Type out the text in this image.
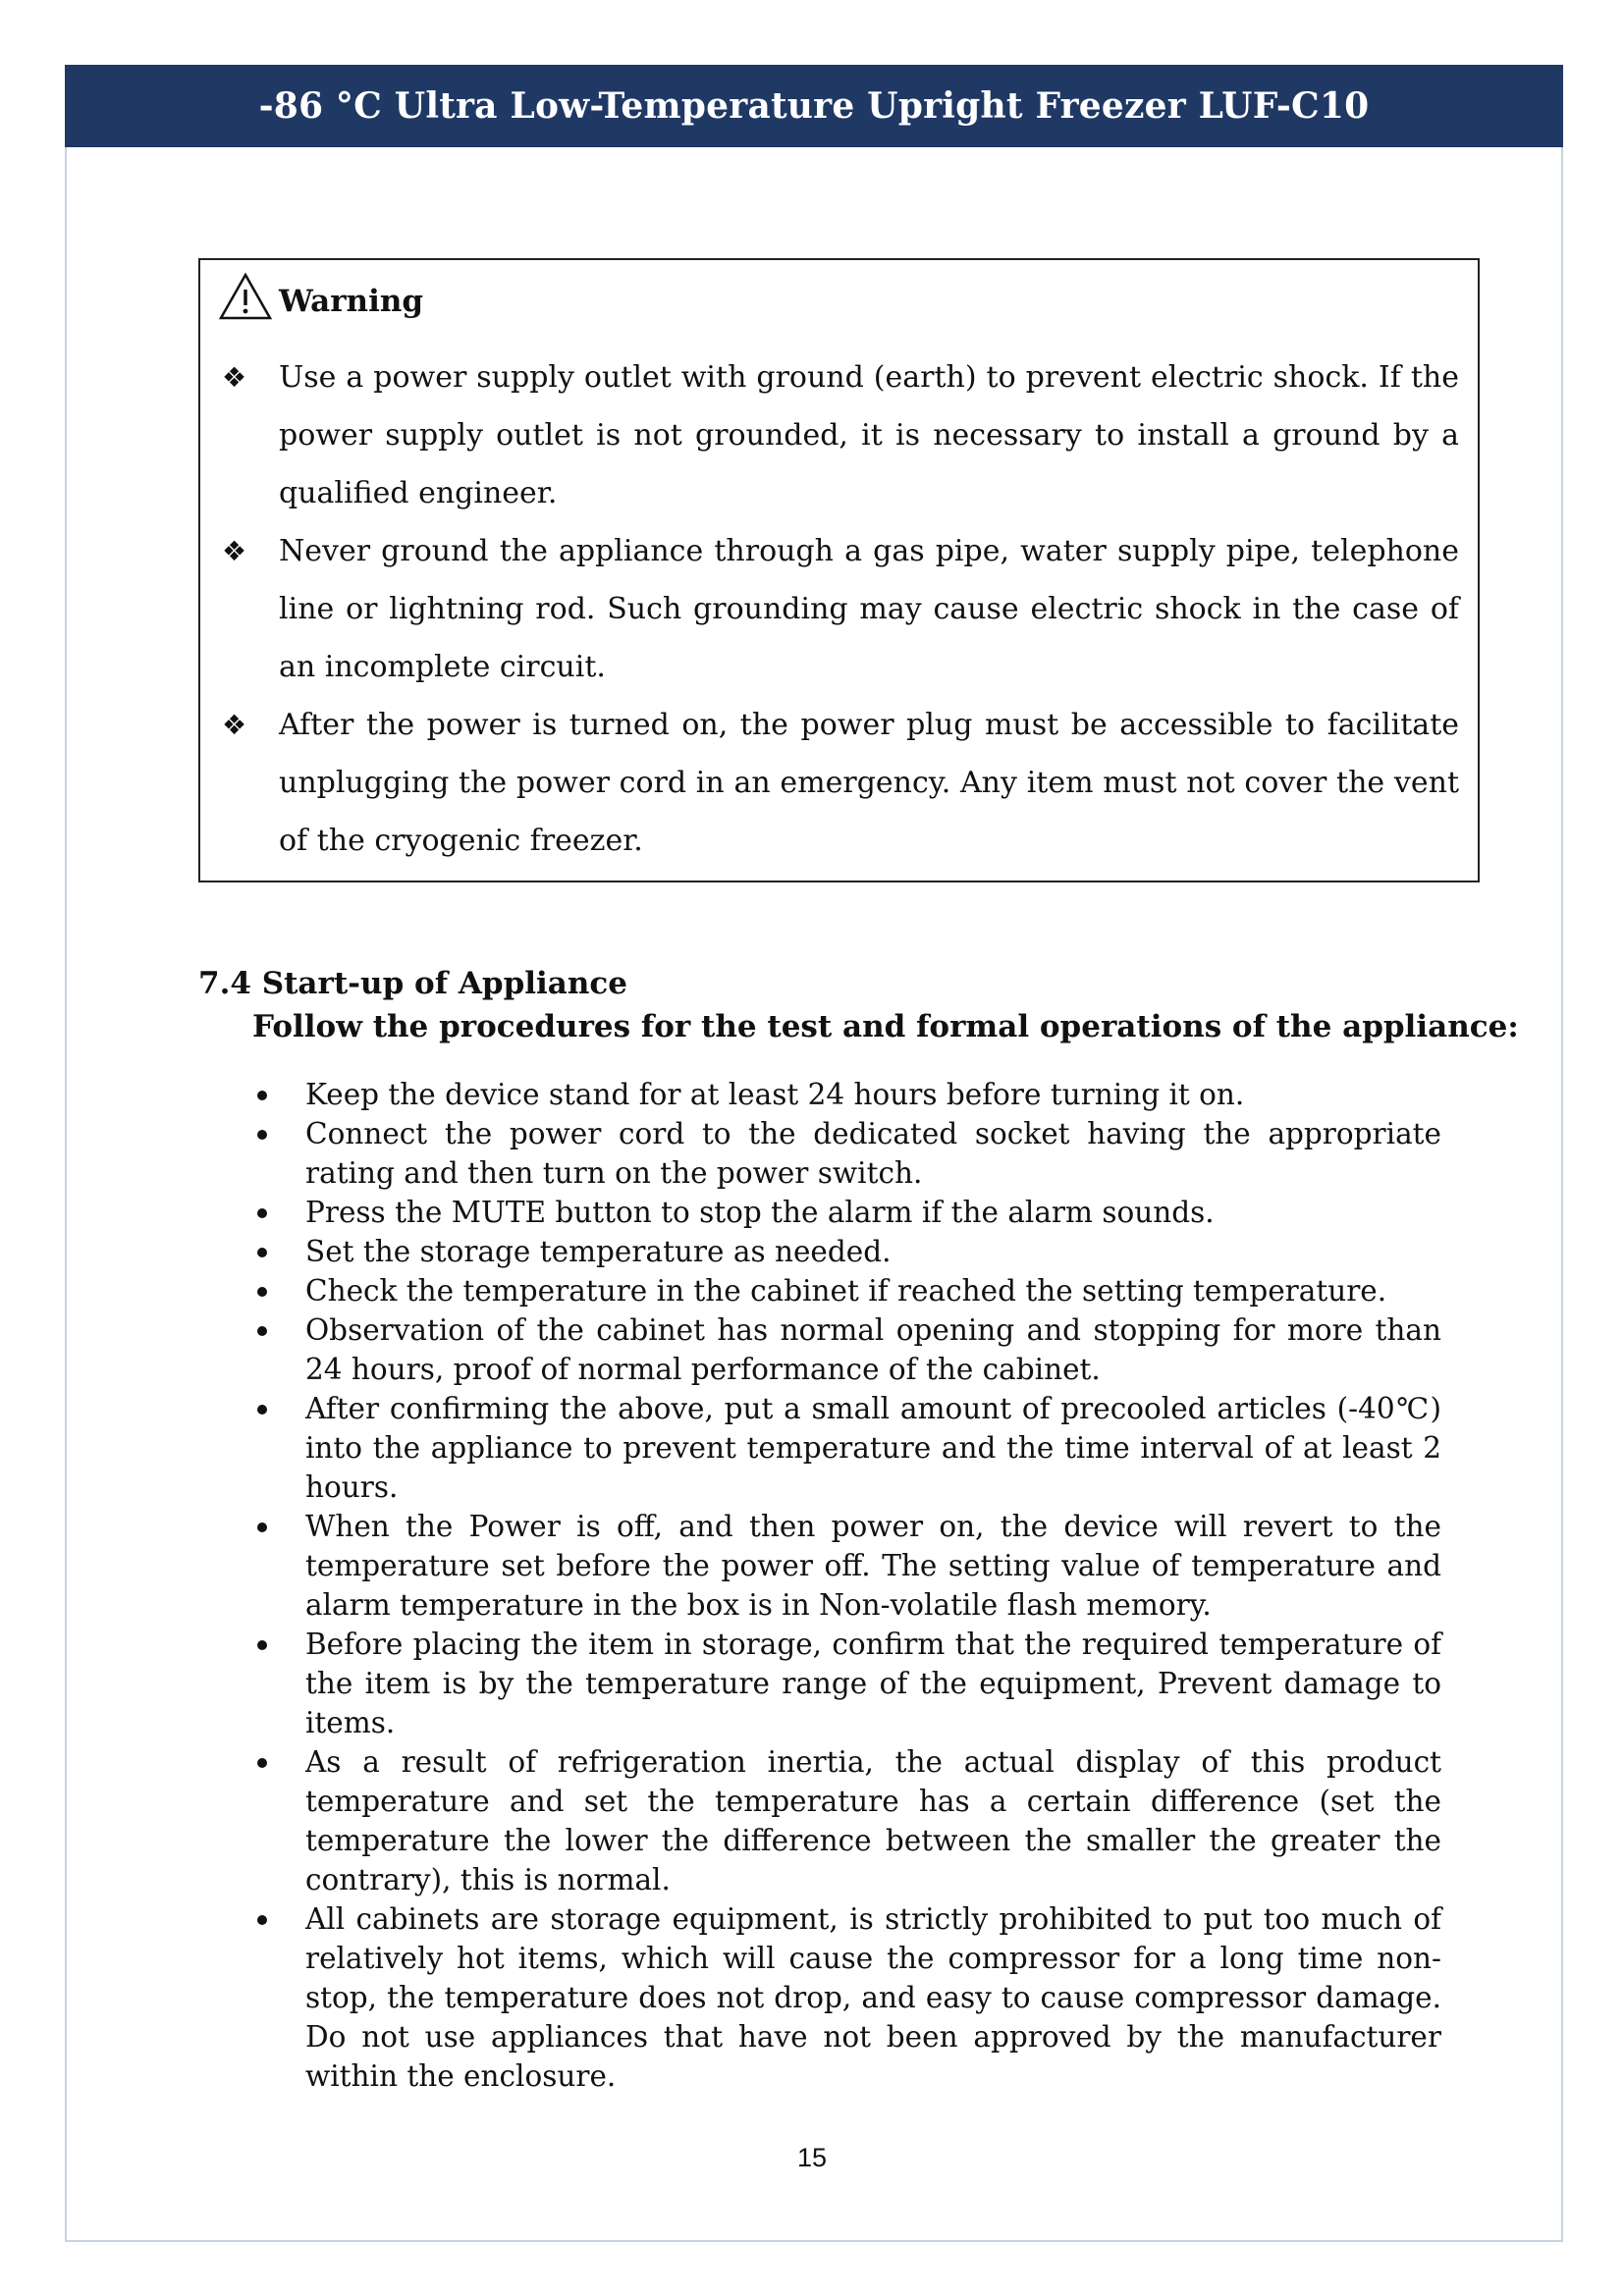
-86 °C Ultra Low-Temperature Upright Freezer LUF-C10
Warning
❖ Use a power supply outlet with ground (earth) to prevent electric shock. If the power supply outlet is not grounded, it is necessary to install a ground by a qualified engineer.
❖ Never ground the appliance through a gas pipe, water supply pipe, telephone line or lightning rod. Such grounding may cause electric shock in the case of an incomplete circuit.
❖ After the power is turned on, the power plug must be accessible to facilitate unplugging the power cord in an emergency. Any item must not cover the vent of the cryogenic freezer.
7.4 Start-up of Appliance
Follow the procedures for the test and formal operations of the appliance:
Keep the device stand for at least 24 hours before turning it on.
Connect the power cord to the dedicated socket having the appropriate rating and then turn on the power switch.
Press the MUTE button to stop the alarm if the alarm sounds.
Set the storage temperature as needed.
Check the temperature in the cabinet if reached the setting temperature.
Observation of the cabinet has normal opening and stopping for more than 24 hours, proof of normal performance of the cabinet.
After confirming the above, put a small amount of precooled articles (-40℃) into the appliance to prevent temperature and the time interval of at least 2 hours.
When the Power is off, and then power on, the device will revert to the temperature set before the power off. The setting value of temperature and alarm temperature in the box is in Non-volatile flash memory.
Before placing the item in storage, confirm that the required temperature of the item is by the temperature range of the equipment, Prevent damage to items.
As a result of refrigeration inertia, the actual display of this product temperature and set the temperature has a certain difference (set the temperature the lower the difference between the smaller the greater the contrary), this is normal.
All cabinets are storage equipment, is strictly prohibited to put too much of relatively hot items, which will cause the compressor for a long time non-stop, the temperature does not drop, and easy to cause compressor damage. Do not use appliances that have not been approved by the manufacturer within the enclosure.
15
